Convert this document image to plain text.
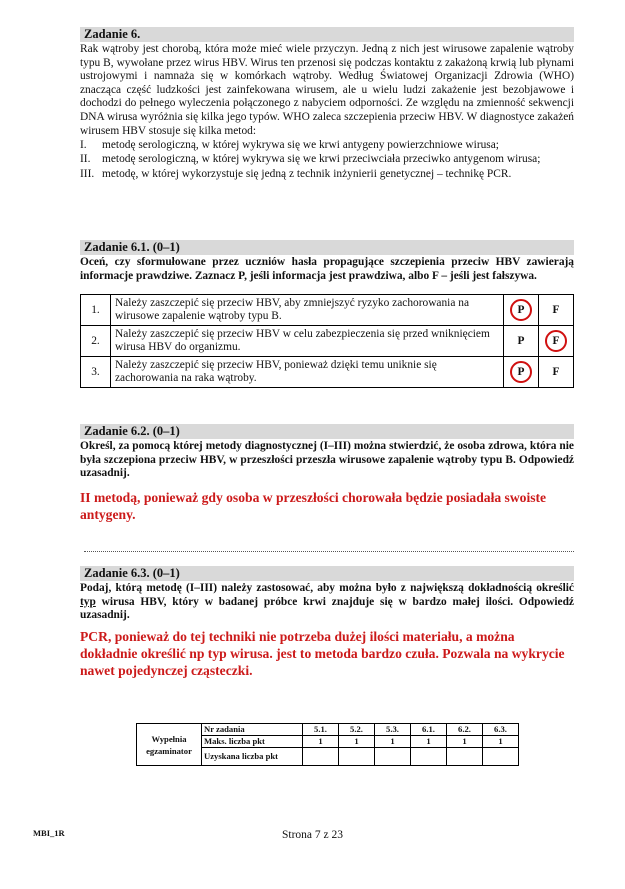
Zadanie 6.
Rak wątroby jest chorobą, która może mieć wiele przyczyn. Jedną z nich jest wirusowe zapalenie wątroby typu B, wywołane przez wirus HBV. Wirus ten przenosi się podczas kontaktu z zakażoną krwią lub płynami ustrojowymi i namnaża się w komórkach wątroby. Według Światowej Organizacji Zdrowia (WHO) znacząca część ludzkości jest zainfekowana wirusem, ale u wielu ludzi zakażenie jest bezobjawowe i dochodzi do pełnego wyleczenia połączonego z nabyciem odporności. Ze względu na zmienność sekwencji DNA wirusa wyróżnia się kilka jego typów. WHO zaleca szczepienia przeciw HBV. W diagnostyce zakażeń wirusem HBV stosuje się kilka metod:
I. metodę serologiczną, w której wykrywa się we krwi antygeny powierzchniowe wirusa;
II. metodę serologiczną, w której wykrywa się we krwi przeciwciała przeciwko antygenom wirusa;
III. metodę, w której wykorzystuje się jedną z technik inżynierii genetycznej – technikę PCR.
Zadanie 6.1. (0–1)
Oceń, czy sformułowane przez uczniów hasła propagujące szczepienia przeciw HBV zawierają informacje prawdziwe. Zaznacz P, jeśli informacja jest prawdziwa, albo F – jeśli jest fałszywa.
1.	Należy zaszczepić się przeciw HBV, aby zmniejszyć ryzyko zachorowania na wirusowe zapalenie wątroby typu B.	P	F
2.	Należy zaszczepić się przeciw HBV w celu zabezpieczenia się przed wniknięciem wirusa HBV do organizmu.	P	F
3.	Należy zaszczepić się przeciw HBV, ponieważ dzięki temu uniknie się zachorowania na raka wątroby.	P	F
Zadanie 6.2. (0–1)
Określ, za pomocą której metody diagnostycznej (I–III) można stwierdzić, że osoba zdrowa, która nie była szczepiona przeciw HBV, w przeszłości przeszła wirusowe zapalenie wątroby typu B. Odpowiedź uzasadnij.
II metodą, ponieważ gdy osoba w przeszłości chorowała będzie posiadała swoiste antygeny.
Zadanie 6.3. (0–1)
Podaj, którą metodę (I–III) należy zastosować, aby można było z największą dokładnością określić typ wirusa HBV, który w badanej próbce krwi znajduje się w bardzo małej ilości. Odpowiedź uzasadnij.
PCR, ponieważ do tej techniki nie potrzeba dużej ilości materiału, a można dokładnie określić np typ wirusa. jest to metoda bardzo czuła. Pozwala na wykrycie nawet pojedynczej cząsteczki.
Wypełnia egzaminator	Nr zadania	5.1.	5.2.	5.3.	6.1.	6.2.	6.3.
	Maks. liczba pkt	1	1	1	1	1	1
	Uzyskana liczba pkt						
MBI_1R	Strona 7 z 23
